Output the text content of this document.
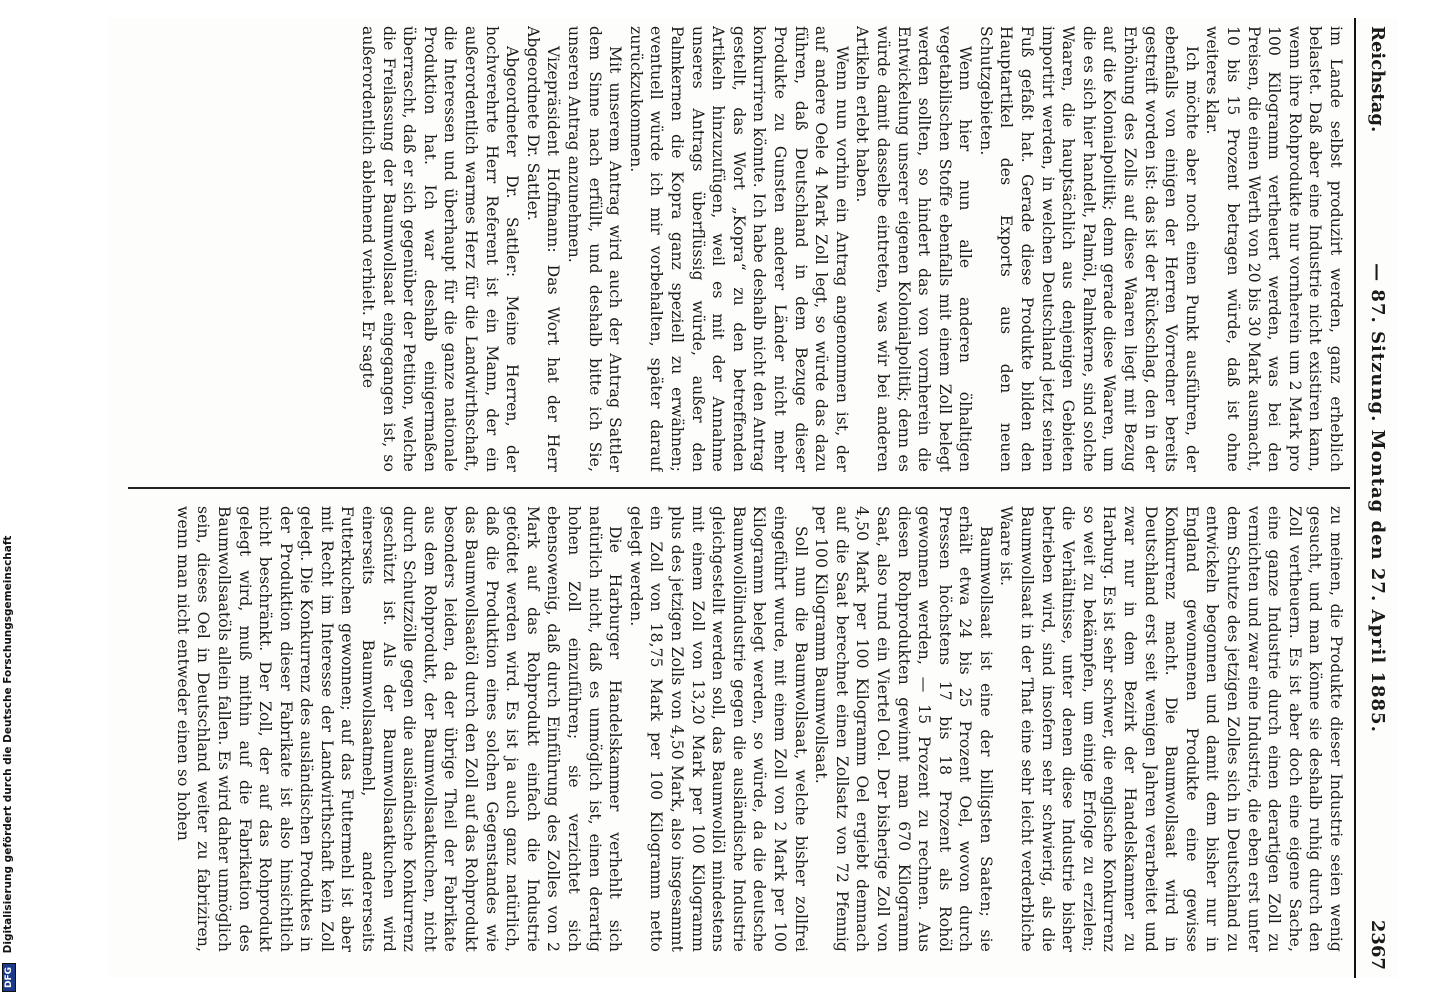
Reichstag.
— 87. Sitzung. Montag den 27. April 1885.
2367

im Lande selbst produzirt werden, ganz erheblich belastet. Daß aber eine Industrie nicht existiren kann, wenn ihre Rohprodukte nur vornherein um 2 Mark pro 100 Kilogramm vertheuert werden, was bei den Preisen, die einen Werth von 20 bis 30 Mark ausmacht, 10 bis 15 Prozent betragen würde, daß ist ohne weiteres klar.

Ich möchte aber noch einen Punkt ausführen, der ebenfalls von einigen der Herren Vorredner bereits gestreift worden ist: das ist der Rückschlag, den in der Erhöhung des Zolls auf diese Waaren liegt mit Bezug auf die Kolonialpolitik; denn gerade diese Waaren, um die es sich hier handelt, Palmöl, Palmkerne, sind solche Waaren, die hauptsächlich aus denjenigen Gebieten importirt werden, in welchen Deutschland jetzt seinen Fuß gefaßt hat. Gerade diese Produkte bilden den Hauptartikel des Exports aus den neuen Schutzgebieten.

Wenn hier nun alle anderen ölhaltigen vegetabilischen Stoffe ebenfalls mit einem Zoll belegt werden sollten, so hindert das von vornherein die Entwickelung unserer eigenen Kolonialpolitik; denn es würde damit dasselbe eintreten, was wir bei anderen Artikeln erlebt haben.

Wenn nun vorhin ein Antrag angenommen ist, der auf andere Oele 4 Mark Zoll legt, so würde das dazu führen, daß Deutschland in dem Bezuge dieser Produkte zu Gunsten anderer Länder nicht mehr konkurriren könnte. Ich habe deshalb nicht den Antrag gestellt, das Wort „Kopra“ zu den betreffenden Artikeln hinzuzufügen, weil es mit der Annahme unseres Antrags überflüssig würde, außer den Palmkernen die Kopra ganz speziell zu erwähnen; eventuell würde ich mir vorbehalten, später darauf zurückzukommen.

Mit unserem Antrag wird auch der Antrag Sattler dem Sinne nach erfüllt, und deshalb bitte ich Sie, unseren Antrag anzunehmen.

Vizepräsident Hoffmann: Das Wort hat der Herr Abgeordnete Dr. Sattler.

Abgeordneter Dr. Sattler: Meine Herren, der hochverehrte Herr Referent ist ein Mann, der ein außerordentlich warmes Herz für die Landwirthschaft, die Interessen und überhaupt für die ganze nationale Produktion hat. Ich war deshalb einigermaßen überrascht, daß er sich gegenüber der Petition, welche die Freilassung der Baumwollsaat eingegangen ist, so außerordentlich ablehnend verhielt. Er sagte

zu meinen, die Produkte dieser Industrie seien wenig gesucht, und man könne sie deshalb ruhig durch den Zoll vertheuern. Es ist aber doch eine eigene Sache, eine ganze Industrie durch einen derartigen Zoll zu vernichten und zwar eine Industrie, die eben erst unter dem Schutze des jetzigen Zolles sich in Deutschland zu entwickeln begonnen und damit dem bisher nur in England gewonnenen Produkte eine gewisse Konkurrenz macht. Die Baumwollsaat wird in Deutschland erst seit wenigen Jahren verarbeitet und zwar nur in dem Bezirk der Handelskammer zu Harburg. Es ist sehr schwer, die englische Konkurrenz so weit zu bekämpfen, um einige Erfolge zu erzielen; die Verhältnisse, unter denen diese Industrie bisher betrieben wird, sind insofern sehr schwierig, als die Baumwollsaat in der That eine sehr leicht verderbliche Waare ist.

Baumwollsaat ist eine der billigsten Saaten; sie erhält etwa 24 bis 25 Prozent Oel, wovon durch Pressen höchstens 17 bis 18 Prozent als Rohöl gewonnen werden, — 15 Prozent zu rechnen. Aus diesen Rohprodukten gewinnt man 670 Kilogramm Saat, also rund ein Viertel Oel. Der bisherige Zoll von 4,50 Mark per 100 Kilogramm Oel ergiebt demnach auf die Saat berechnet einen Zollsatz von 72 Pfennig per 100 Kilogramm Baumwollsaat.

Soll nun die Baumwollsaat, welche bisher zollfrei eingeführt wurde, mit einem Zoll von 2 Mark per 100 Kilogramm belegt werden, so würde, da die deutsche Baumwollölindustrie gegen die ausländische Industrie gleichgestellt werden soll, das Baumwollöl mindestens mit einem Zoll von 13,20 Mark per 100 Kilogramm plus des jetzigen Zolls von 4,50 Mark, also insgesammt ein Zoll von 18,75 Mark per 100 Kilogramm netto gelegt werden.

Die Harburger Handelskammer verhehlt sich natürlich nicht, daß es unmöglich ist, einen derartig hohen Zoll einzuführen; sie verzichtet sich ebensowenig, daß durch Einführung des Zolles von 2 Mark auf das Rohprodukt einfach die Industrie getödtet werden wird. Es ist ja auch ganz natürlich, daß die Produktion eines solchen Gegenstandes wie das Baumwollsaatöl durch den Zoll auf das Rohprodukt besonders leiden, da der übrige Theil der Fabrikate aus dem Rohprodukt, der Baumwollsaatkuchen, nicht durch Schutzzölle gegen die ausländische Konkurrenz geschützt ist. Als der Baumwollsaatkuchen wird einerseits Baumwollsaatmehl, andererseits Futterkuchen gewonnen; auf das Futtermehl ist aber mit Recht im Interesse der Landwirthschaft kein Zoll gelegt. Die Konkurrenz des ausländischen Produktes in der Produktion dieser Fabrikate ist also hinsichtlich nicht beschränkt. Der Zoll, der auf das Rohprodukt gelegt wird, muß mithin auf die Fabrikation des Baumwollsaatöls allein fallen. Es wird daher unmöglich sein, dieses Oel in Deutschland weiter zu fabriziren, wenn man nicht entweder einen so hohen

DFG Digitalisierung gefördert durch die Deutsche Forschungsgemeinschaft
